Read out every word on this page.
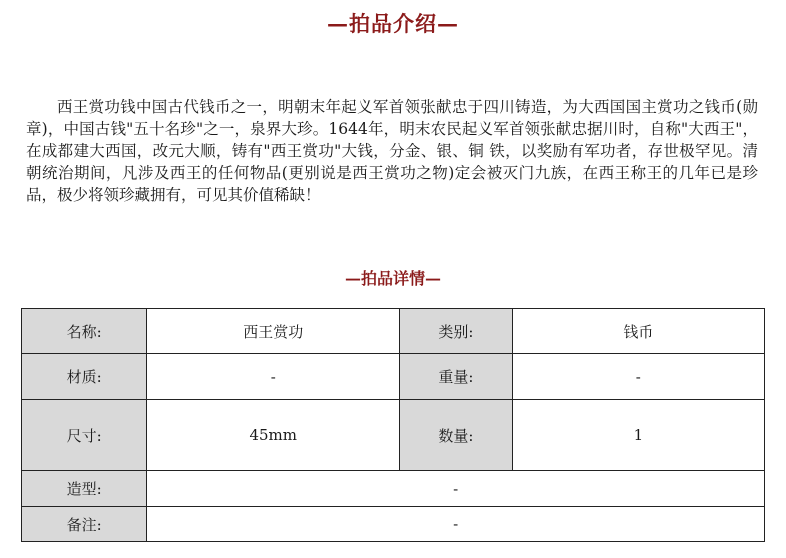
—拍品介绍—

西王赏功钱中国古代钱币之一，明朝末年起义军首领张献忠于四川铸造，为大西国国主赏功之钱币(勋章)，中国古钱"五十名珍"之一，泉界大珍。1644年，明末农民起义军首领张献忠据川时，自称"大西王"，在成都建大西国，改元大顺，铸有"西王赏功"大钱，分金、银、铜 铁，以奖励有军功者，存世极罕见。清朝统治期间，凡涉及西王的任何物品(更别说是西王赏功之物)定会被灭门九族，在西王称王的几年已是珍品，极少将领珍藏拥有，可见其价值稀缺！

—拍品详情—
名称:	西王赏功	类别:	钱币
材质:	-	重量:	-
尺寸:	45mm	数量:	1
造型:	-		
备注:	-		
